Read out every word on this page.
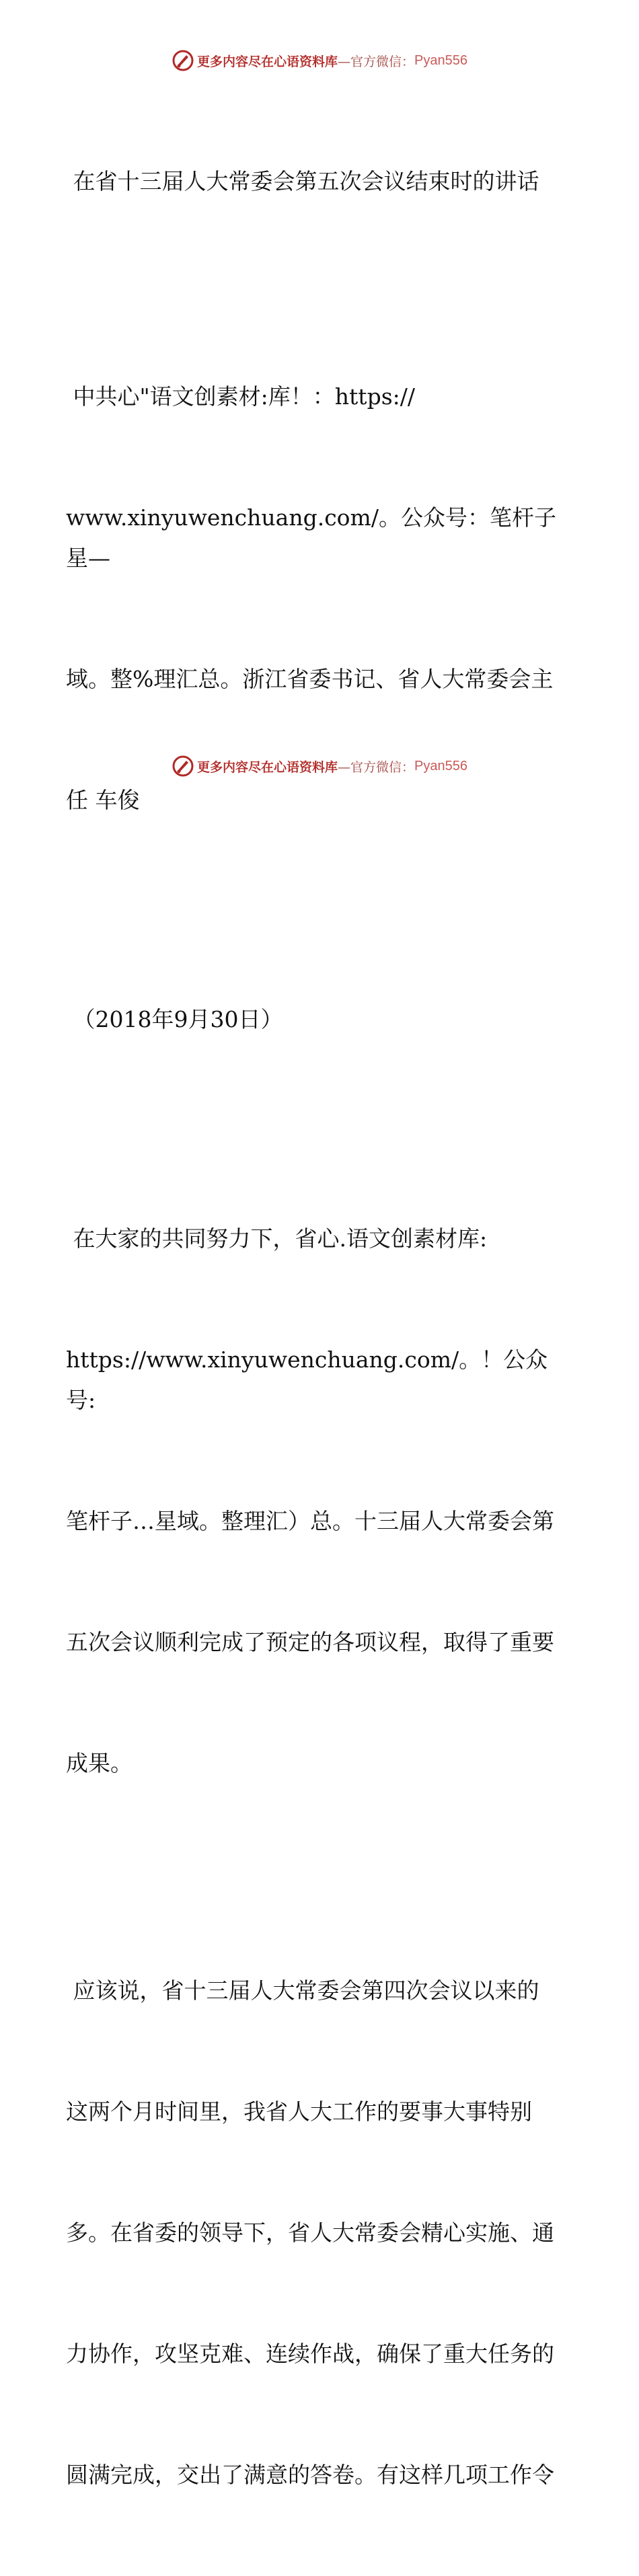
更多内容尽在心语资料库 —官方微信： Pyan556

在省十三届人大常委会第五次会议结束时的讲话

中共心"语文创素材:库！：https://

www.xinyuwenchuang.com/。公众号：笔杆子星—

域。整%理汇总。浙江省委书记、省人大常委会主

任 车俊

（2018年9月30日）

在大家的共同努力下，省心.语文创素材库:

https://www.xinyuwenchuang.com/。！公众号:

笔杆子…星域。整理汇）总。十三届人大常委会第

五次会议顺利完成了预定的各项议程，取得了重要

成果。

应该说，省十三届人大常委会第四次会议以来的

这两个月时间里，我省人大工作的要事大事特别

多。在省委的领导下，省人大常委会精心实施、通

力协作，攻坚克难、连续作战，确保了重大任务的

圆满完成，交出了满意的答卷。有这样几项工作令

更多内容尽在心语资料库 —官方微信： Pyan556
